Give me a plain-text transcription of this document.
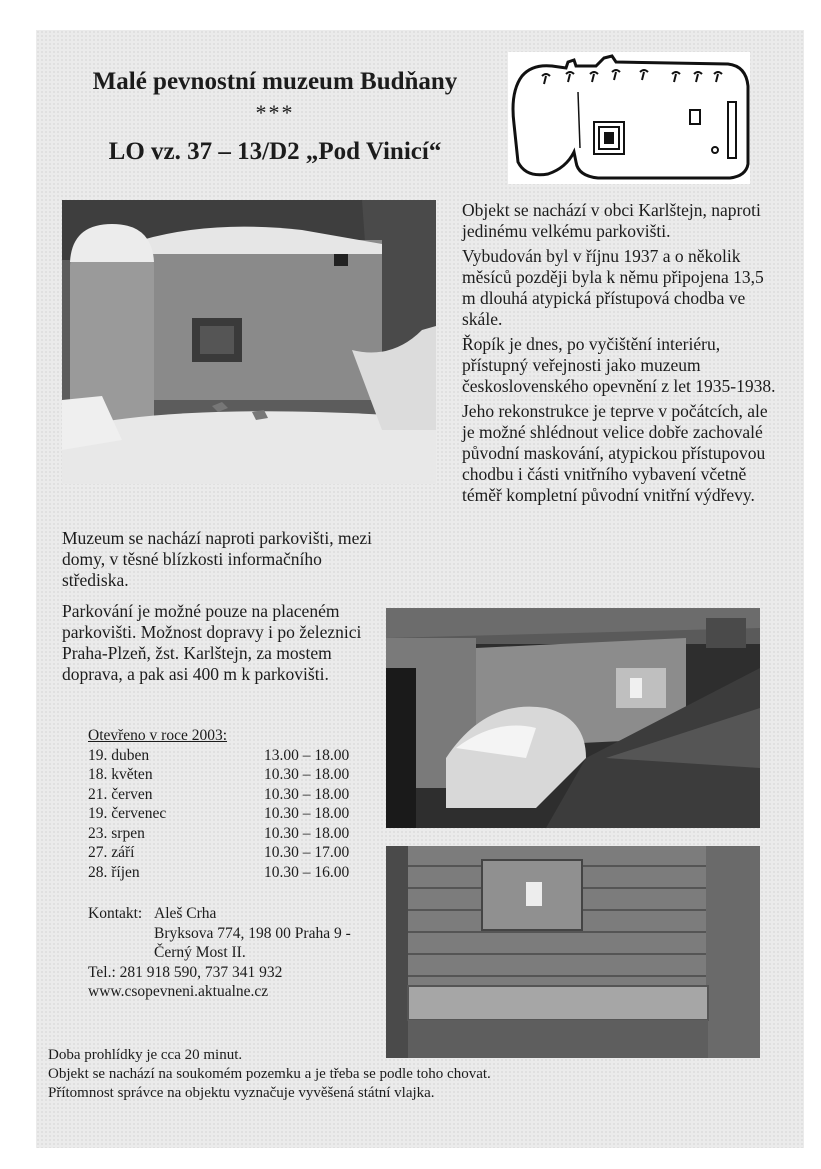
Malé pevnostní muzeum Budňany
***
LO vz. 37 – 13/D2 „Pod Vinicí“

Objekt se nachází v obci Karlštejn, naproti jedinému velkému parkovišti.

Vybudován byl v říjnu 1937 a o několik měsíců později byla k němu připojena 13,5 m dlouhá atypická přístupová chodba ve skále.

Řopík je dnes, po vyčištění interiéru, přístupný veřejnosti jako muzeum československého opevnění z let 1935-1938.

Jeho rekonstrukce je teprve v počátcích, ale je možné shlédnout velice dobře zachovalé původní maskování, atypickou přístupovou chodbu i části vnitřního vybavení včetně téměř kompletní původní vnitřní výdřevy.

Muzeum se nachází naproti parkovišti, mezi domy, v těsné blízkosti informačního střediska.
Parkování je možné pouze na placeném parkovišti. Možnost dopravy i po železnici Praha-Plzeň, žst. Karlštejn, za mostem doprava, a pak asi 400 m k parkovišti.
Otevřeno v roce 2003:
19. duben	13.00 – 18.00
18. květen	10.30 – 18.00
21. červen	10.30 – 18.00
19. červenec	10.30 – 18.00
23. srpen	10.30 – 18.00
27. září	10.30 – 17.00
28. říjen	10.30 – 16.00
Kontakt: Aleš Crha
Bryksova 774, 198 00 Praha 9 -
Černý Most II.
Tel.: 281 918 590, 737 341 932
www.csopevneni.aktualne.cz
Doba prohlídky je cca 20 minut.
Objekt se nachází na soukomém pozemku a je třeba se podle toho chovat.
Přítomnost správce na objektu vyznačuje vyvěšená státní vlajka.
